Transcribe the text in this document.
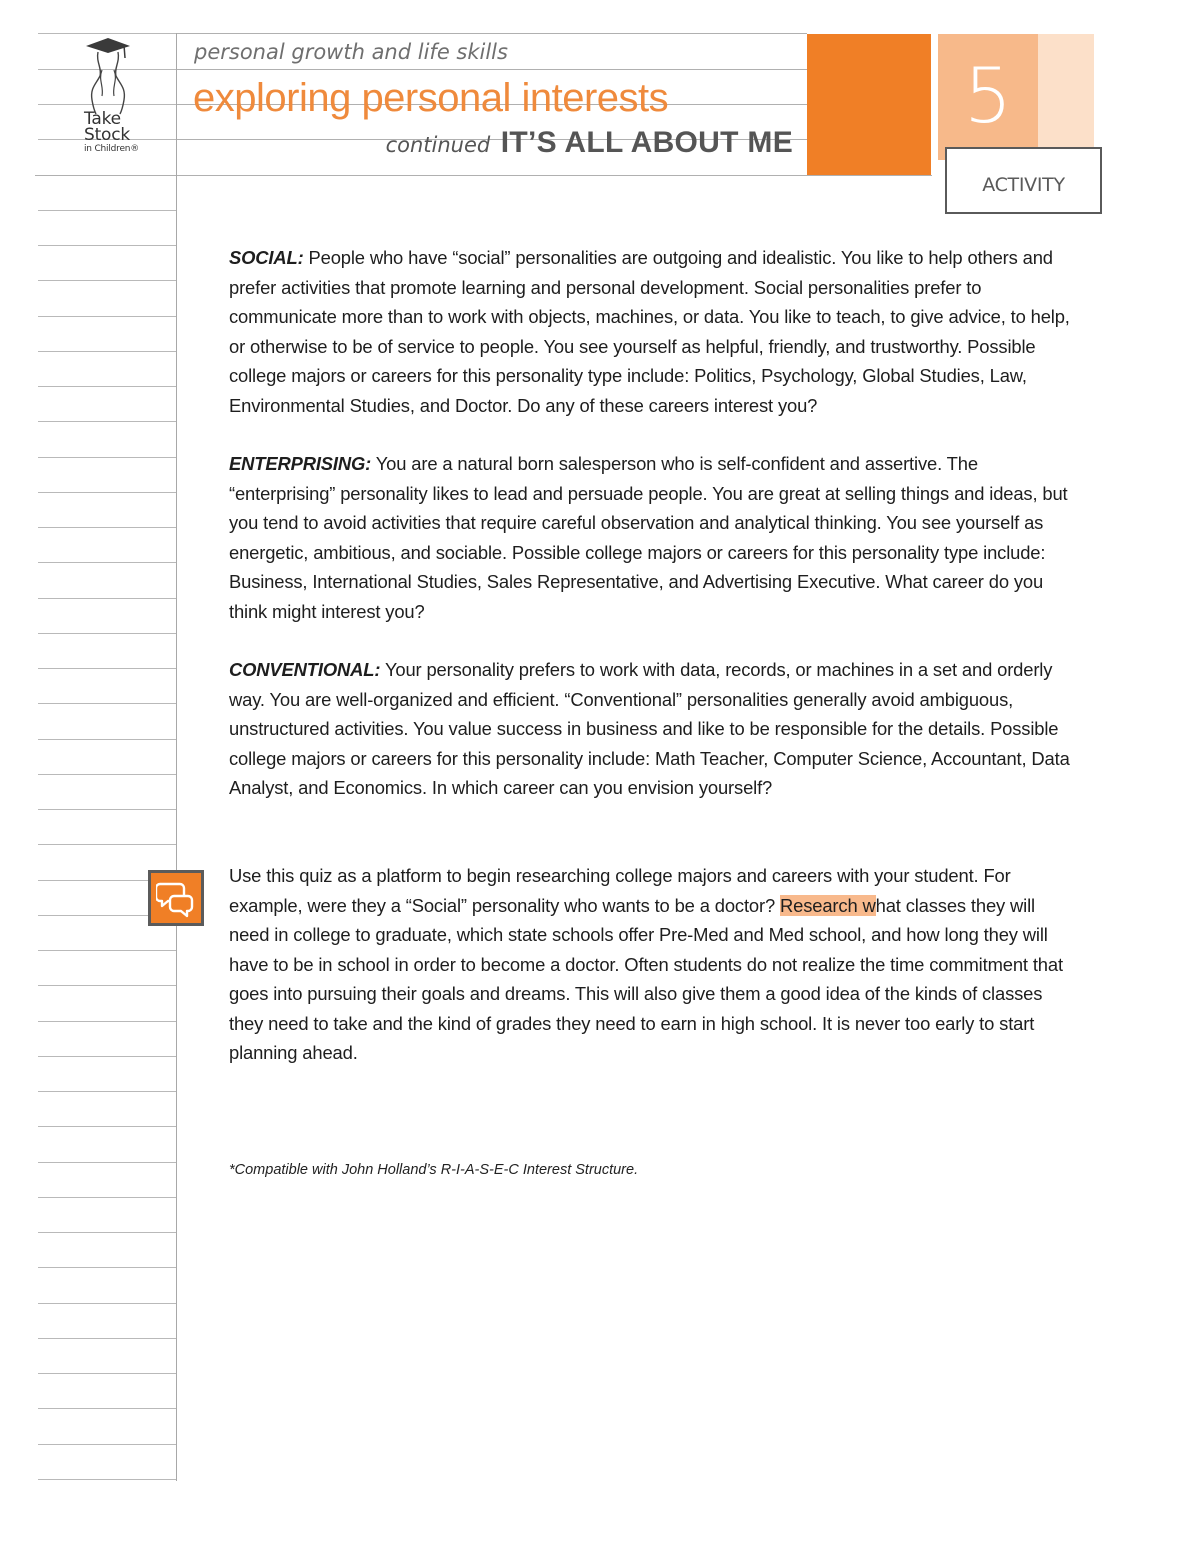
Take
Stock
in Children®
personal growth and life skills
exploring personal interests
continued IT’S ALL ABOUT ME
5
ACTIVITY

SOCIAL: People who have “social” personalities are outgoing and idealistic. You like to help others and prefer activities that promote learning and personal development. Social personalities prefer to communicate more than to work with objects, machines, or data. You like to teach, to give advice, to help, or otherwise to be of service to people. You see yourself as helpful, friendly, and trustworthy. Possible college majors or careers for this personality type include: Politics, Psychology, Global Studies, Law, Environmental Studies, and Doctor. Do any of these careers interest you?

ENTERPRISING: You are a natural born salesperson who is self-confident and assertive. The “enterprising” personality likes to lead and persuade people. You are great at selling things and ideas, but you tend to avoid activities that require careful observation and analytical thinking. You see yourself as energetic, ambitious, and sociable. Possible college majors or careers for this personality type include: Business, International Studies, Sales Representative, and Advertising Executive. What career do you think might interest you?

CONVENTIONAL: Your personality prefers to work with data, records, or machines in a set and orderly way. You are well-organized and efficient. “Conventional” personalities generally avoid ambiguous, unstructured activities. You value success in business and like to be responsible for the details. Possible college majors or careers for this personality include: Math Teacher, Computer Science, Accountant, Data Analyst, and Economics. In which career can you envision yourself?

Use this quiz as a platform to begin researching college majors and careers with your student. For example, were they a “Social” personality who wants to be a doctor? Research what classes they will need in college to graduate, which state schools offer Pre-Med and Med school, and how long they will have to be in school in order to become a doctor. Often students do not realize the time commitment that goes into pursuing their goals and dreams. This will also give them a good idea of the kinds of classes they need to take and the kind of grades they need to earn in high school. It is never too early to start planning ahead.

*Compatible with John Holland’s R-I-A-S-E-C Interest Structure.
